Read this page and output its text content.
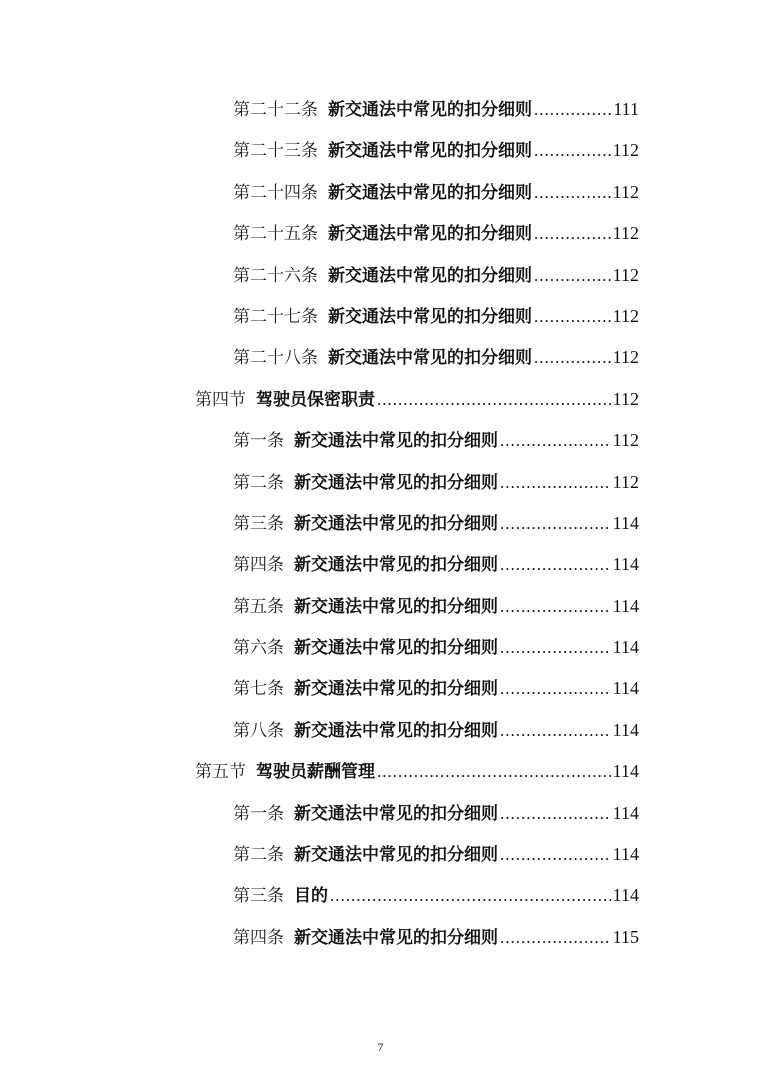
第二十二条 新交通法中常见的扣分细则 .....	111
第二十三条 新交通法中常见的扣分细则 .....	112
第二十四条 新交通法中常见的扣分细则 .....	112
第二十五条 新交通法中常见的扣分细则 .....	112
第二十六条 新交通法中常见的扣分细则 .....	112
第二十七条 新交通法中常见的扣分细则 .....	112
第二十八条 新交通法中常见的扣分细则 .....	112
第四节 驾驶员保密职责 .....	112
第一条 新交通法中常见的扣分细则 .....	112
第二条 新交通法中常见的扣分细则 .....	112
第三条 新交通法中常见的扣分细则 .....	114
第四条 新交通法中常见的扣分细则 .....	114
第五条 新交通法中常见的扣分细则 .....	114
第六条 新交通法中常见的扣分细则 .....	114
第七条 新交通法中常见的扣分细则 .....	114
第八条 新交通法中常见的扣分细则 .....	114
第五节 驾驶员薪酬管理 .....	114
第一条 新交通法中常见的扣分细则 .....	114
第二条 新交通法中常见的扣分细则 .....	114
第三条 目的 .....	114
第四条 新交通法中常见的扣分细则 .....	115
7
